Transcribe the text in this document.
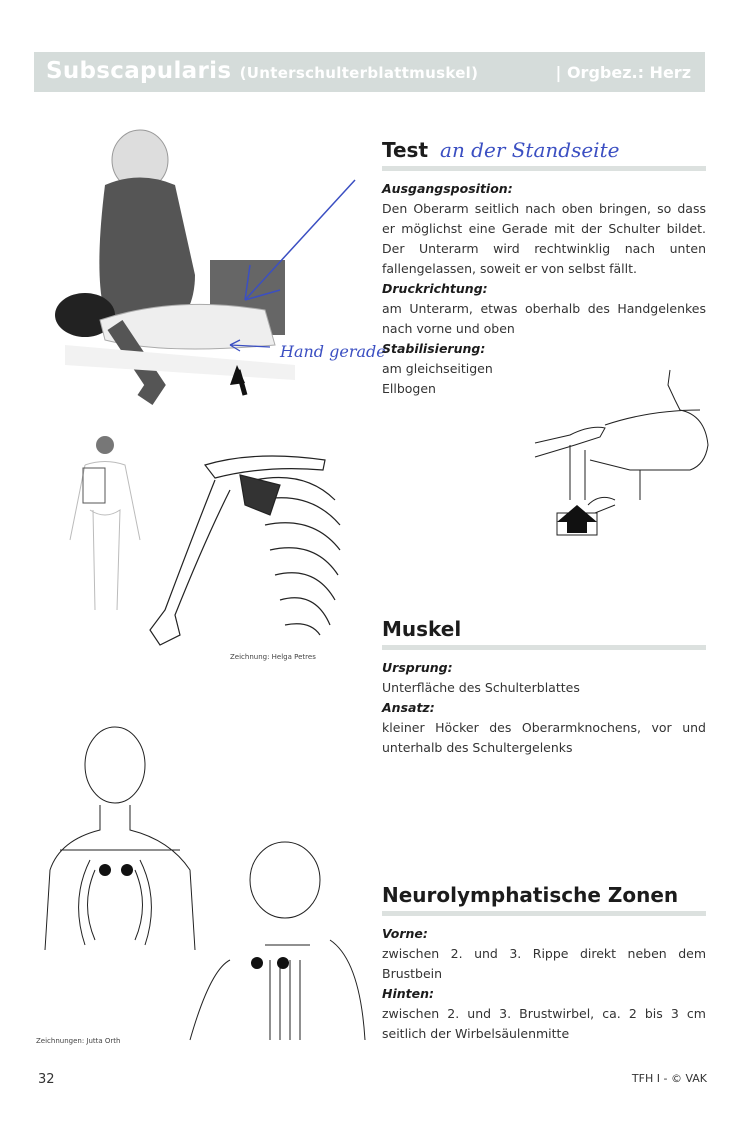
Subscapularis (Unterschulterblattmuskel)	| Orgbez.: Herz
Hand gerade
Zeichnung: Helga Petres
Zeichnungen: Jutta Orth
Test an der Standseite
Ausgangsposition:
Den Oberarm seitlich nach oben bringen, so dass er möglichst eine Gerade mit der Schulter bildet. Der Unterarm wird rechtwinklig nach unten fallengelassen, soweit er von selbst fällt.
Druckrichtung:
am Unterarm, etwas oberhalb des Handgelenkes nach vorne und oben
Stabilisierung:
am gleichseitigen Ellbogen
Muskel
Ursprung:
Unterfläche des Schulterblattes
Ansatz:
kleiner Höcker des Oberarmknochens, vor und unterhalb des Schultergelenks
Neurolymphatische Zonen
Vorne:
zwischen 2. und 3. Rippe direkt neben dem Brustbein
Hinten:
zwischen 2. und 3. Brustwirbel, ca. 2 bis 3 cm seitlich der Wirbelsäulenmitte
32	TFH I - © VAK
